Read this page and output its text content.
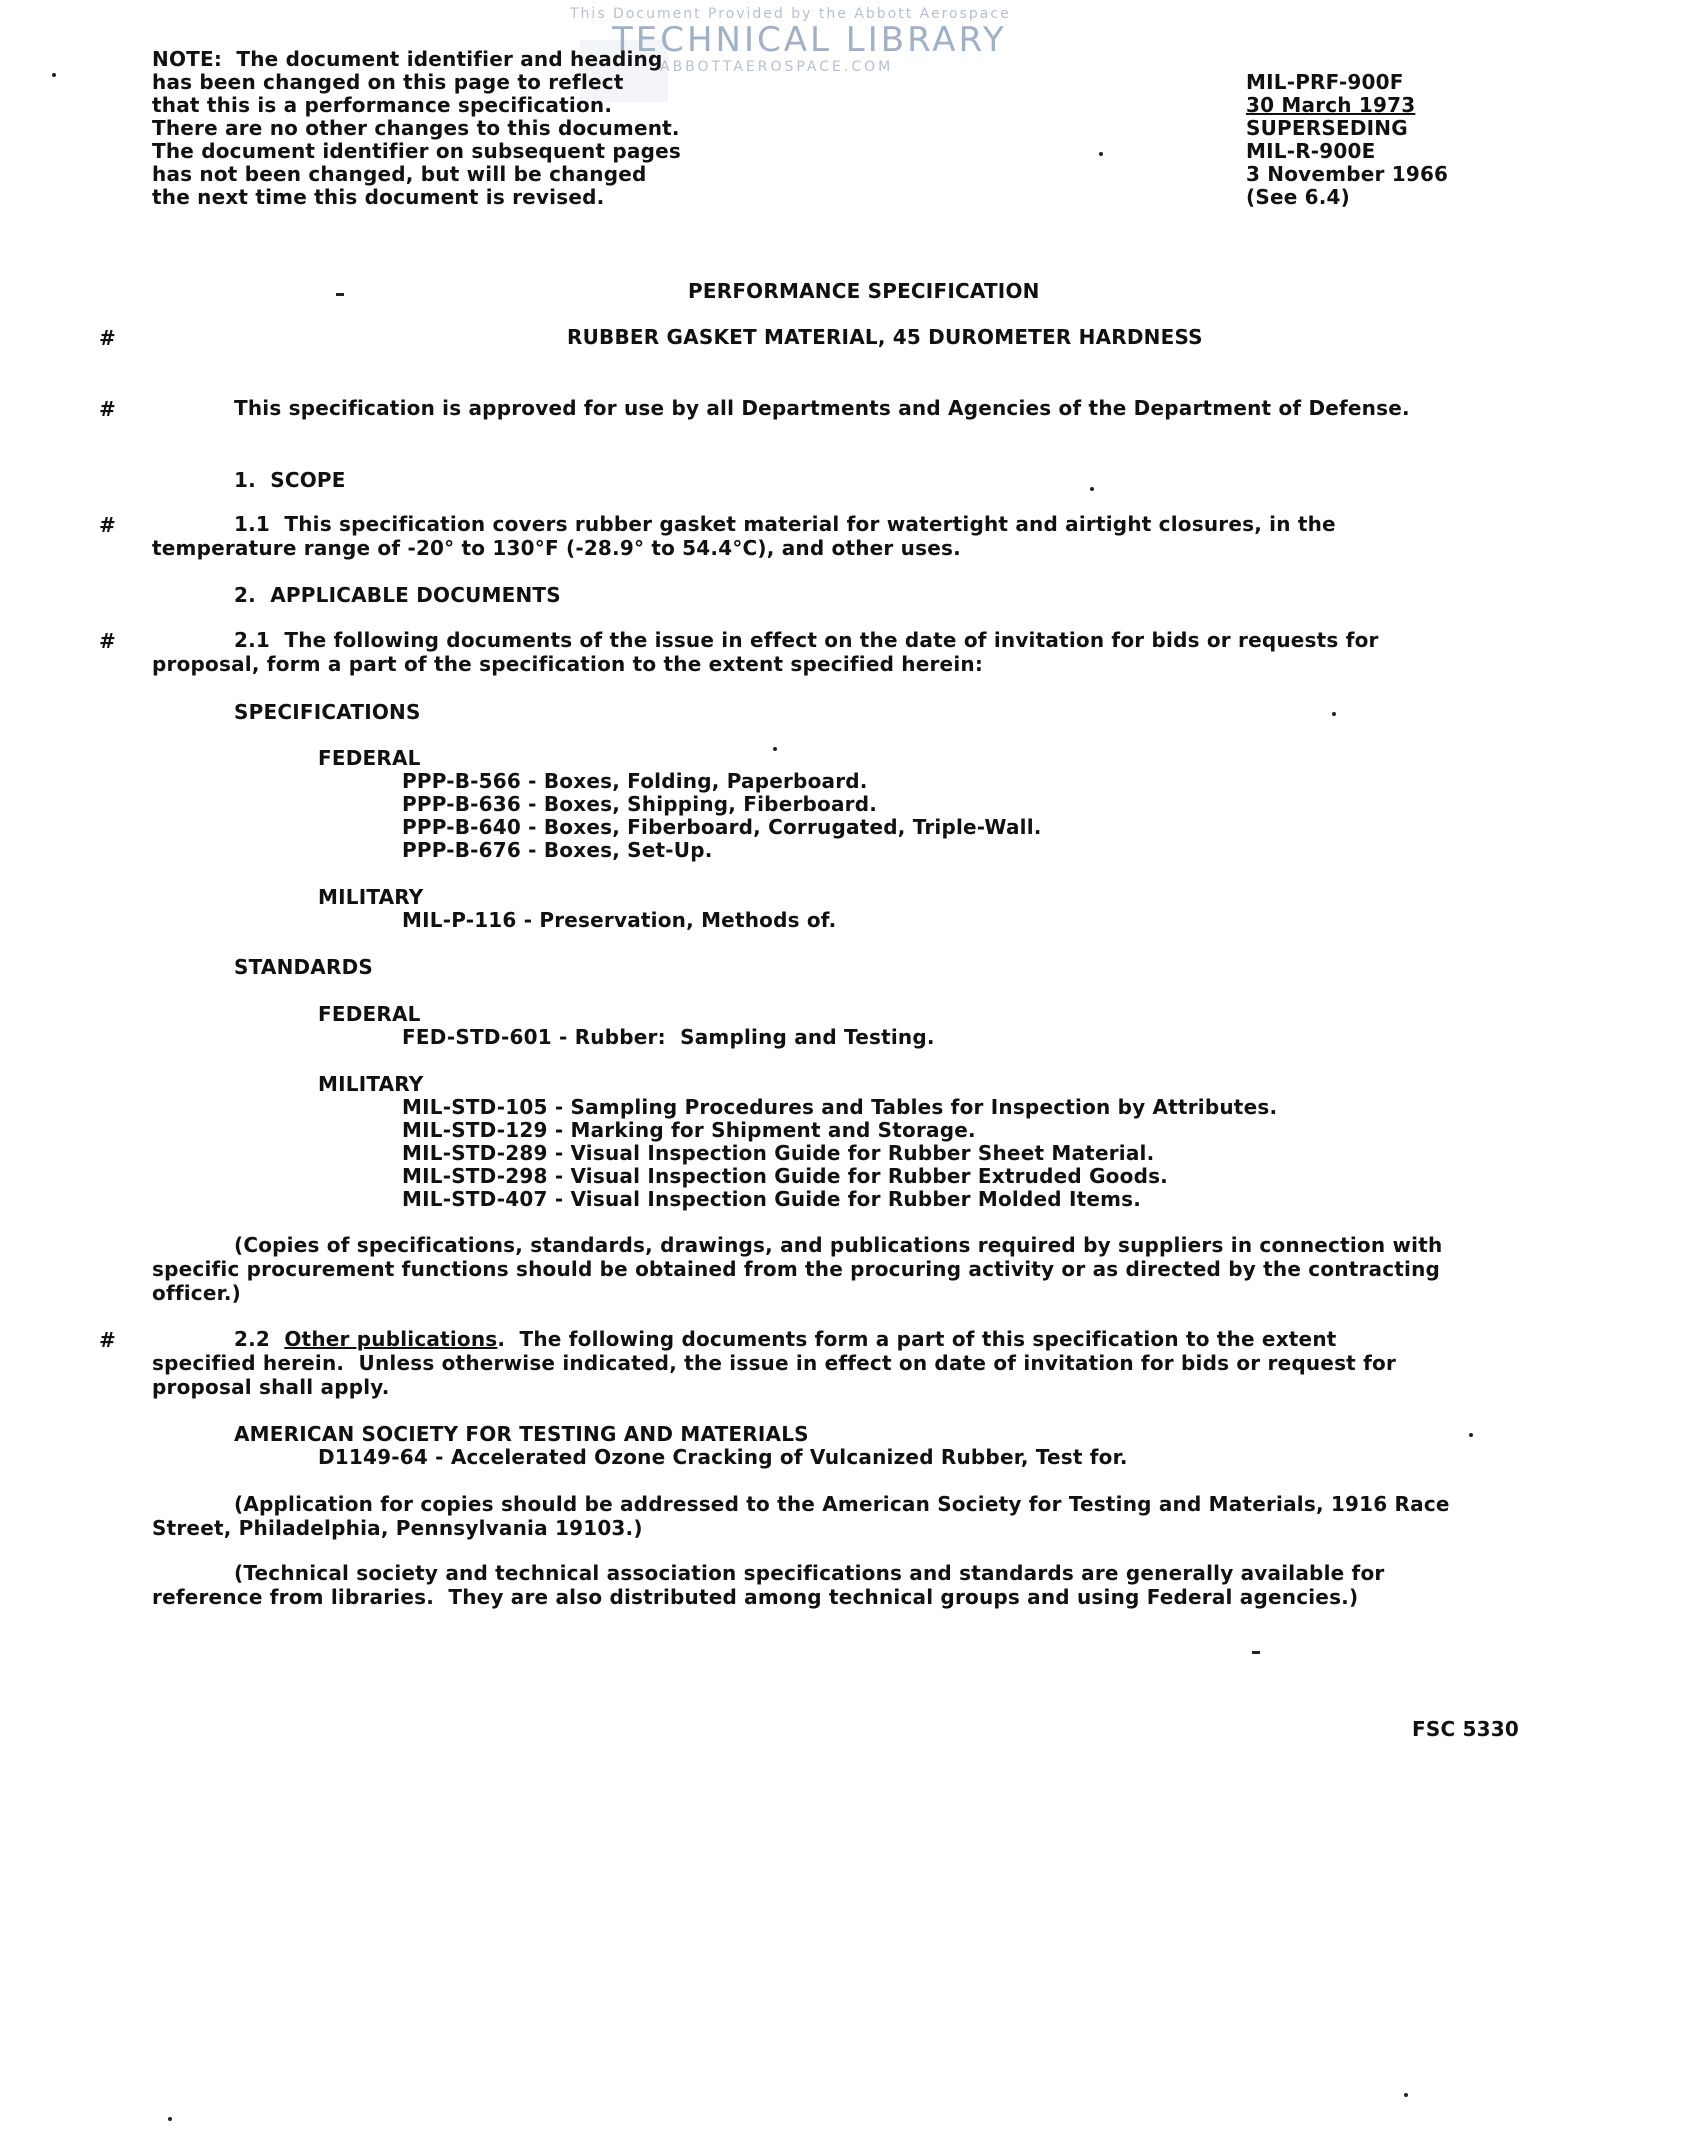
This Document Provided by the Abbott Aerospace
TECHNICAL LIBRARY
ABBOTTAEROSPACE.COM
NOTE:  The document identifier and heading
has been changed on this page to reflect
that this is a performance specification.
There are no other changes to this document.
The document identifier on subsequent pages
has not been changed, but will be changed
the next time this document is revised.
MIL-PRF-900F
30 March 1973
SUPERSEDING
MIL-R-900E
3 November 1966
(See 6.4)
PERFORMANCE SPECIFICATION
#	RUBBER GASKET MATERIAL, 45 DUROMETER HARDNESS
#	This specification is approved for use by all Departments and Agencies of the Department of Defense.
1.  SCOPE
#	1.1  This specification covers rubber gasket material for watertight and airtight closures, in the
temperature range of -20° to 130°F (-28.9° to 54.4°C), and other uses.
2.  APPLICABLE DOCUMENTS
#	2.1  The following documents of the issue in effect on the date of invitation for bids or requests for
proposal, form a part of the specification to the extent specified herein:
SPECIFICATIONS
FEDERAL
PPP-B-566 - Boxes, Folding, Paperboard.
PPP-B-636 - Boxes, Shipping, Fiberboard.
PPP-B-640 - Boxes, Fiberboard, Corrugated, Triple-Wall.
PPP-B-676 - Boxes, Set-Up.
MILITARY
MIL-P-116 - Preservation, Methods of.
STANDARDS
FEDERAL
FED-STD-601 - Rubber:  Sampling and Testing.
MILITARY
MIL-STD-105 - Sampling Procedures and Tables for Inspection by Attributes.
MIL-STD-129 - Marking for Shipment and Storage.
MIL-STD-289 - Visual Inspection Guide for Rubber Sheet Material.
MIL-STD-298 - Visual Inspection Guide for Rubber Extruded Goods.
MIL-STD-407 - Visual Inspection Guide for Rubber Molded Items.
(Copies of specifications, standards, drawings, and publications required by suppliers in connection with
specific procurement functions should be obtained from the procuring activity or as directed by the contracting
officer.)
#	2.2  Other publications.  The following documents form a part of this specification to the extent
specified herein.  Unless otherwise indicated, the issue in effect on date of invitation for bids or request for
proposal shall apply.
AMERICAN SOCIETY FOR TESTING AND MATERIALS
D1149-64 - Accelerated Ozone Cracking of Vulcanized Rubber, Test for.
(Application for copies should be addressed to the American Society for Testing and Materials, 1916 Race
Street, Philadelphia, Pennsylvania 19103.)
(Technical society and technical association specifications and standards are generally available for
reference from libraries.  They are also distributed among technical groups and using Federal agencies.)
FSC 5330
